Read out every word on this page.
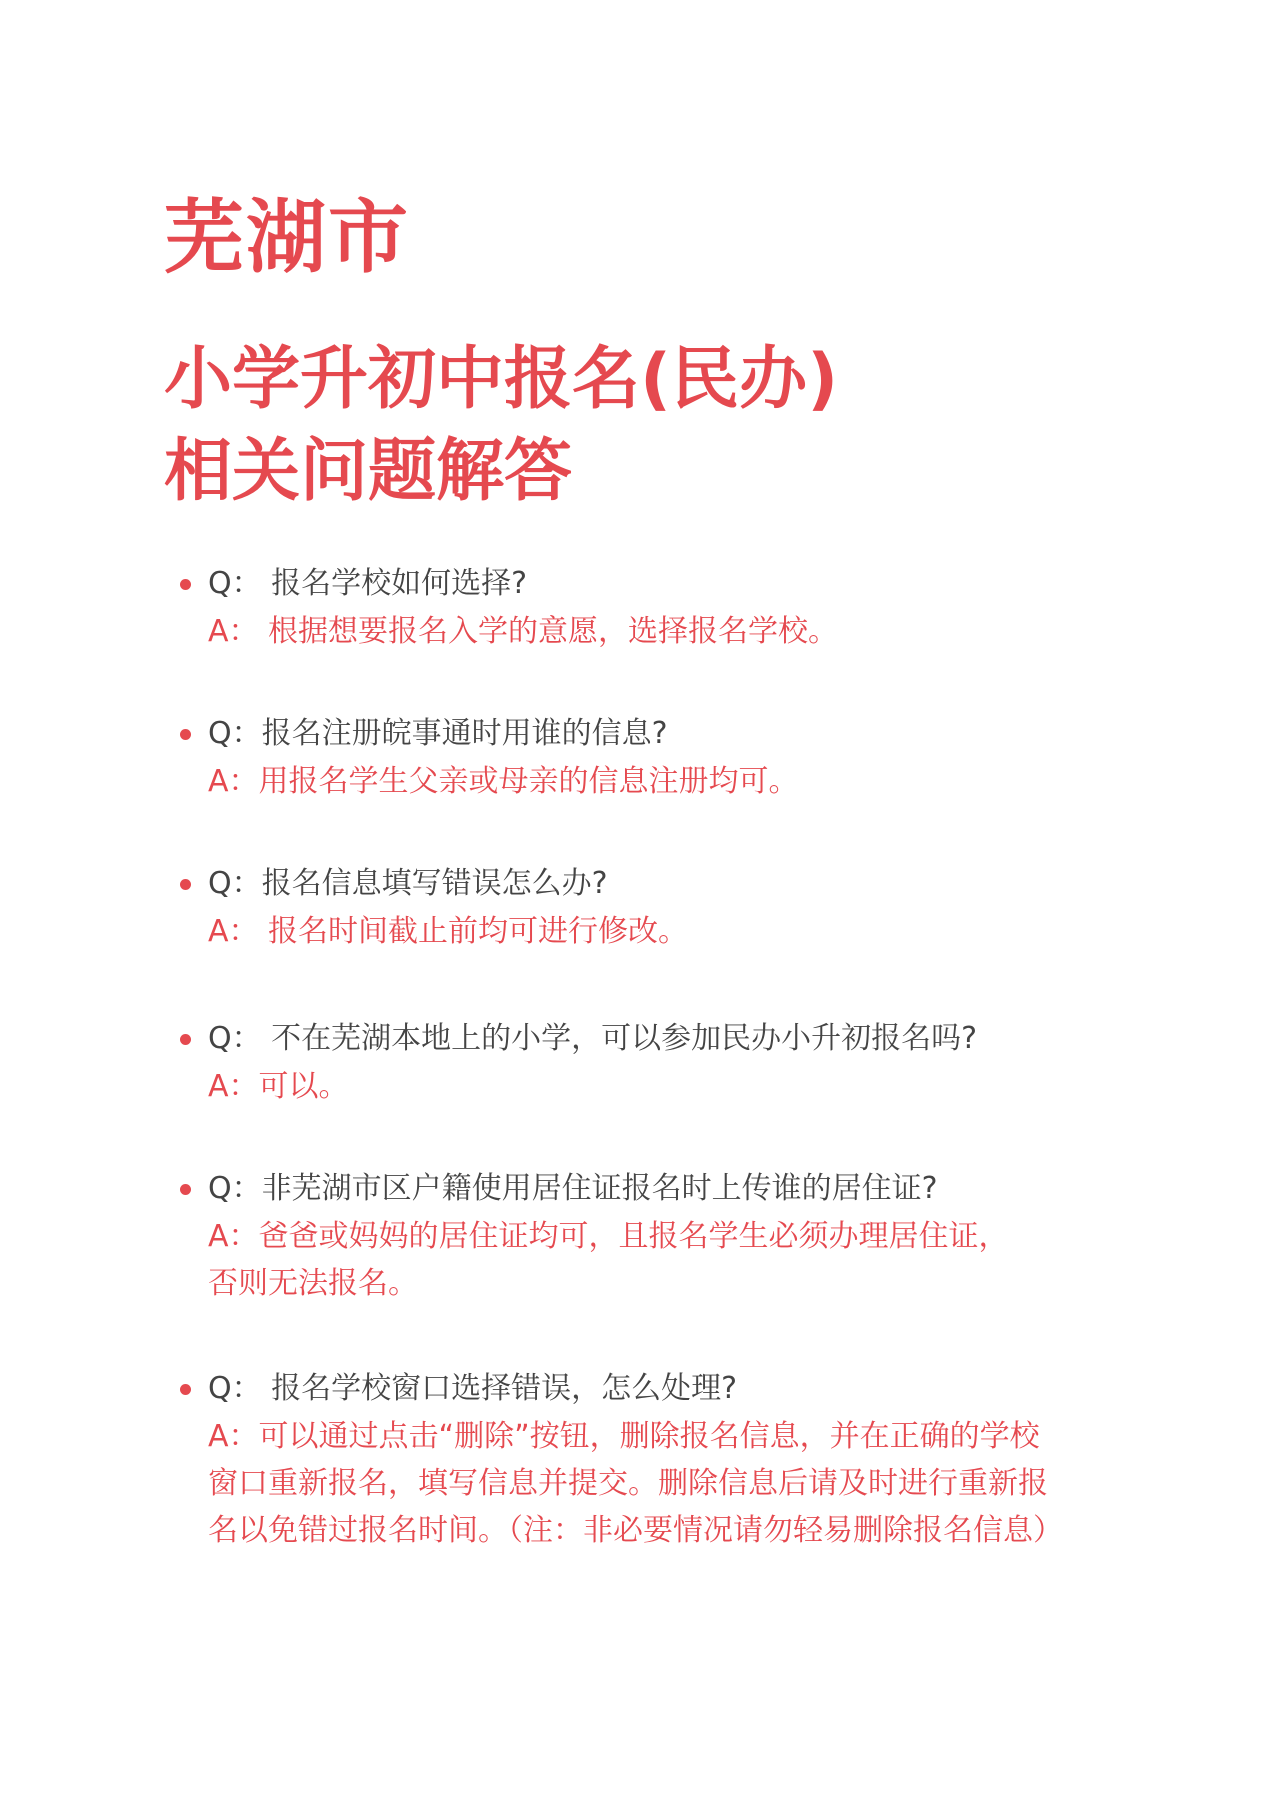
芜湖市
小学升初中报名(民办)
相关问题解答
Q： 报名学校如何选择?
A： 根据想要报名入学的意愿，选择报名学校。
Q：报名注册皖事通时用谁的信息?
A：用报名学生父亲或母亲的信息注册均可。
Q：报名信息填写错误怎么办?
A： 报名时间截止前均可进行修改。
Q： 不在芜湖本地上的小学，可以参加民办小升初报名吗?
A：可以。
Q：非芜湖市区户籍使用居住证报名时上传谁的居住证?
A：爸爸或妈妈的居住证均可，且报名学生必须办理居住证，
否则无法报名。
Q： 报名学校窗口选择错误，怎么处理?
A：可以通过点击“删除”按钮，删除报名信息，并在正确的学校
窗口重新报名，填写信息并提交。删除信息后请及时进行重新报
名以免错过报名时间。（注：非必要情况请勿轻易删除报名信息）
